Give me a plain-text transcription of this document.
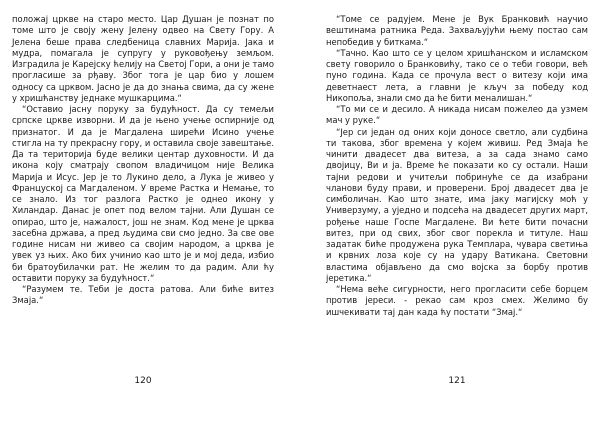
положај цркве на старо место. Цар Душан је познат по томе што је своју жену Јелену одвео на Свету Гору. А Јелена беше права следбеница славних Марија. Јака и мудра, помагала је супругу у руковођењу земљом. Изградила је Карејску ћелију на Светој Гори, а они је тамо прогласише за рђаву. Због тога је цар био у лошем односу са црквом. Јасно је да до знања свима, да су жене у хришћанству једнаке мушкарцима.“

“Оставио јасну поруку за будућност. Да су темељи српске цркве изворни. И да је њено учење оспирније од признатог. И да је Магдалена ширећи Исино учење стигла на ту прекрасну гору, и оставила своје завештање. Да та територија буде велики центар духовности. И да икона коју сматрају свопом владичицом није Велика Марија и Исус. Јер је то Лукино дело, а Лука је живео у Француској са Магдаленом. У време Растка и Немање, то се знало. Из тог разлога Растко је однео икону у Хиландар. Данас је опет под велом тајни. Али Душан се опирао, што је, нажалост, још не знам. Код мене је црква засебна држава, а пред људима сви смо једно. За све ове године нисам ни живео са својим народом, а црква је увек уз њих. Ако бих учинио као што је и мој деда, избио би братоубилачки рат. Не желим то да радим. Али ћу оставити поруку за будућност.“

“Разумем те. Теби је доста ратова. Али биће витез Змаја.“

120

“Томе се радујем. Мене је Вук Бранковић научио вештинама ратника Реда. Захваљујући њему постао сам непобедив у биткама.“

“Тачно. Као што се у целом хришћанском и исламском свету говорило о Бранковићу, тако се о теби говори, већ пуно година. Када се прочула вест о витезу који има деветнаест лета, а главни је кључ за победу код Никопоља, знали смо да ће бити меналишан.“

“То ми се и десило. А никада нисам пожелео да узмем мач у руке.“

“Јер си један од оних који доносе светло, али судбина ти такова, због времена у којем живиш. Ред Змаја ће чинити двадесет два витеза, а за сада знамо само двојицу, Ви и ја. Време ће показати ко су остали. Наши тајни редови и учитељи побринуће се да изабрани чланови буду прави, и проверени. Број двадесет два је симболичан. Као што знате, има јаку магијску моћ у Универзуму, а уједно и подсећа на двадесет других март, рођење наше Госпе Магдалене. Ви ћете бити почасни витез, при од свих, због свог порекла и титуле. Наш задатак биће продужена рука Темплара, чувара светиња и крвних лоза које су на удару Ватикана. Световни властима објављено да смо војска за борбу против јеретика.“

“Нема веће сигурности, него прогласити себе борцем против јереси. - рекао сам кроз смех. Желимо бу ишчекивати тај дан када ћу постати “Змај.“

121
